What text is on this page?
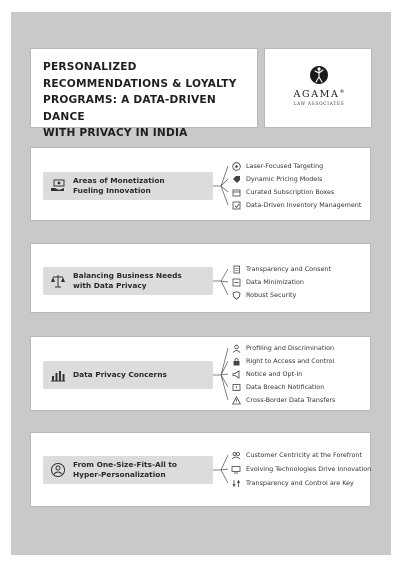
PERSONALIZED
RECOMMENDATIONS & LOYALTY
PROGRAMS: A DATA-DRIVEN DANCE
WITH PRIVACY IN INDIA
AGAMA®
LAW ASSOCIATES
Areas of Monetization
Fueling Innovation
Laser-Focused Targeting
Dynamic Pricing Models
Curated Subscription Boxes
Data-Driven Inventory Management
Balancing Business Needs
with Data Privacy
Transparency and Consent
Data Minimization
Robust Security
Data Privacy Concerns
Profiling and Discrimination
Right to Access and Control
Notice and Opt-In
Data Breach Notification
Cross-Border Data Transfers
From One-Size-Fits-All to
Hyper-Personalization
Customer Centricity at the Forefront
Evolving Technologies Drive Innovation
Transparency and Control are Key
